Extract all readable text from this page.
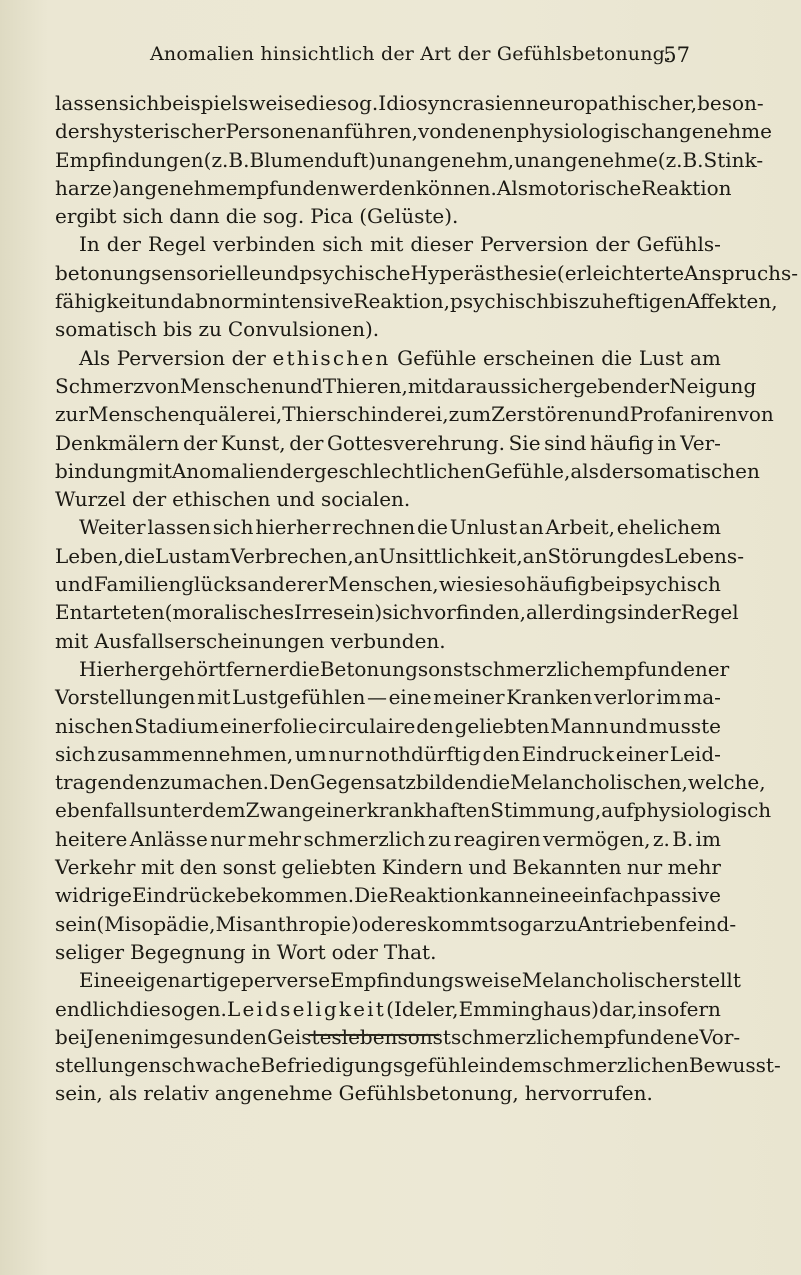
Anomalien hinsichtlich der Art der Gefühlsbetonung.
57
lassen sich beispielsweise die sog. Idiosyncrasien neuropathischer, beson-
ders hysterischer Personen anführen, von denen physiologisch angenehme
Empfindungen (z. B. Blumenduft) unangenehm, unangenehme (z. B. Stink-
harze) angenehm empfunden werden können. Als motorische Reaktion
ergibt sich dann die sog. Pica (Gelüste).
In der Regel verbinden sich mit dieser Perversion der Gefühls-
betonung sensorielle und psychische Hyperästhesie (erleichterte Anspruchs-
fähigkeit und abnorm intensive Reaktion, psychisch bis zu heftigen Affekten,
somatisch bis zu Convulsionen).
Als Perversion der ethischen Gefühle erscheinen die Lust am
Schmerz von Menschen und Thieren, mit daraus sich ergebender Neigung
zur Menschenquälerei, Thierschinderei, zum Zerstören und Profaniren von
Denkmälern der Kunst, der Gottesverehrung. Sie sind häufig in Ver-
bindung mit Anomalien der geschlechtlichen Gefühle, als der somatischen
Wurzel der ethischen und socialen.
Weiter lassen sich hierher rechnen die Unlust an Arbeit, ehelichem
Leben, die Lust am Verbrechen, an Unsittlichkeit, an Störung des Lebens-
und Familienglücks anderer Menschen, wie sie so häufig bei psychisch
Entarteten (moralisches Irresein) sich vorfinden, allerdings in der Regel
mit Ausfallserscheinungen verbunden.
Hierher gehört ferner die Betonung sonst schmerzlich empfundener
Vorstellungen mit Lustgefühlen — eine meiner Kranken verlor im ma-
nischen Stadium einer folie circulaire den geliebten Mann und musste
sich zusammennehmen, um nur nothdürftig den Eindruck einer Leid-
tragenden zu machen. Den Gegensatz bilden die Melancholischen, welche,
ebenfalls unter dem Zwang einer krankhaften Stimmung, auf physiologisch
heitere Anlässe nur mehr schmerzlich zu reagiren vermögen, z. B. im
Verkehr mit den sonst geliebten Kindern und Bekannten nur mehr
widrige Eindrücke bekommen. Die Reaktion kann eine einfach passive
sein (Misopädie, Misanthropie) oder es kommt sogar zu Antrieben feind-
seliger Begegnung in Wort oder That.
Eine eigenartige perverse Empfindungsweise Melancholischer stellt
endlich die sogen. Leidseligkeit (Ideler, Emminghaus) dar, insofern
bei Jenen im gesunden Geistesleben sonst schmerzlich empfundene Vor-
stellungen schwache Befriedigungsgefühle in dem schmerzlichen Bewusst-
sein, als relativ angenehme Gefühlsbetonung, hervorrufen.
